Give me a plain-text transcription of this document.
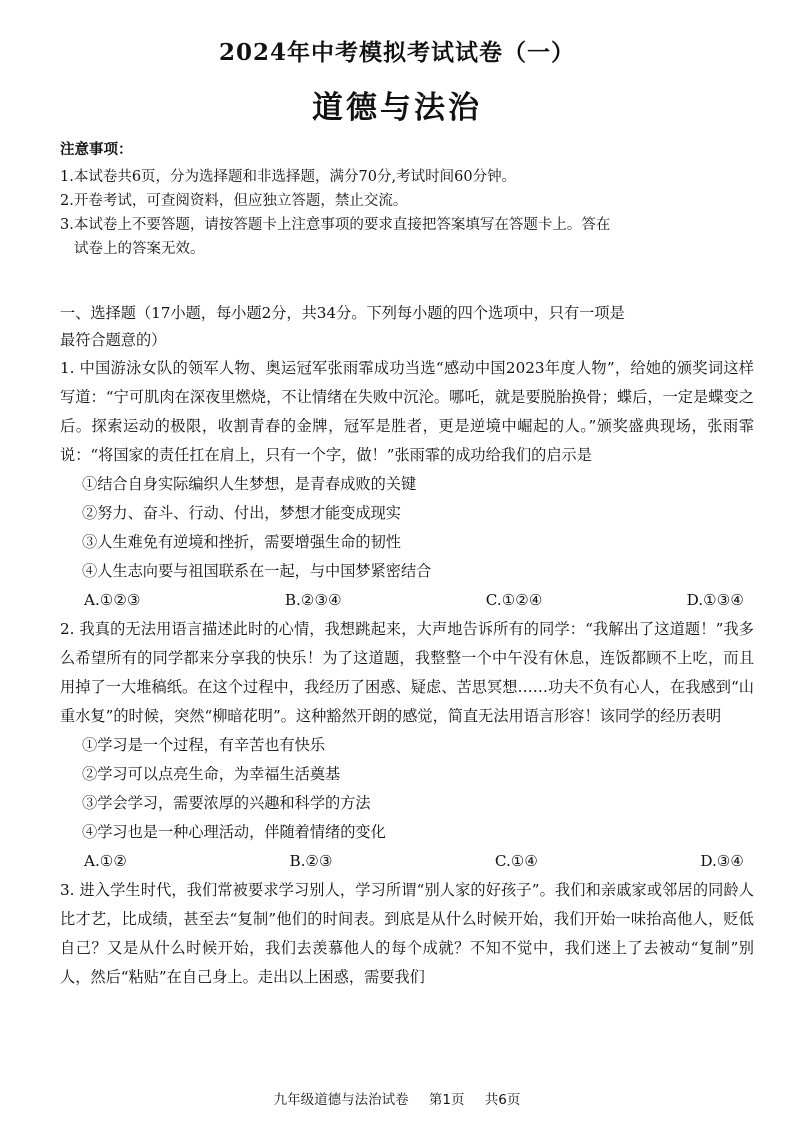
2024年中考模拟考试试卷（一）
道德与法治
注意事项：
1.本试卷共6页，分为选择题和非选择题，满分70分,考试时间60分钟。
2.开卷考试，可查阅资料，但应独立答题，禁止交流。
3.本试卷上不要答题，请按答题卡上注意事项的要求直接把答案填写在答题卡上。答在
试卷上的答案无效。
一、选择题（17小题，每小题2分，共34分。下列每小题的四个选项中，只有一项是
最符合题意的）
1. 中国游泳女队的领军人物、奥运冠军张雨霏成功当选“感动中国2023年度人物”，给她的颁奖词这样写道：“宁可肌肉在深夜里燃烧，不让情绪在失败中沉沦。哪吒，就是要脱胎换骨；蝶后，一定是蝶变之后。探索运动的极限，收割青春的金牌，冠军是胜者，更是逆境中崛起的人。”颁奖盛典现场，张雨霏说：“将国家的责任扛在肩上，只有一个字，做！”张雨霏的成功给我们的启示是
①结合自身实际编织人生梦想，是青春成败的关键
②努力、奋斗、行动、付出，梦想才能变成现实
③人生难免有逆境和挫折，需要增强生命的韧性
④人生志向要与祖国联系在一起，与中国梦紧密结合
A.①②③	B.②③④	C.①②④	D.①③④
2. 我真的无法用语言描述此时的心情，我想跳起来，大声地告诉所有的同学：“我解出了这道题！”我多么希望所有的同学都来分享我的快乐！为了这道题，我整整一个中午没有休息，连饭都顾不上吃，而且用掉了一大堆稿纸。在这个过程中，我经历了困惑、疑虑、苦思冥想……功夫不负有心人，在我感到“山重水复”的时候，突然“柳暗花明”。这种豁然开朗的感觉，简直无法用语言形容！该同学的经历表明
①学习是一个过程，有辛苦也有快乐
②学习可以点亮生命，为幸福生活奠基
③学会学习，需要浓厚的兴趣和科学的方法
④学习也是一种心理活动，伴随着情绪的变化
A.①②	B.②③	C.①④	D.③④
3. 进入学生时代，我们常被要求学习别人，学习所谓“别人家的好孩子”。我们和亲戚家或邻居的同龄人比才艺，比成绩，甚至去“复制”他们的时间表。到底是从什么时候开始，我们开始一味抬高他人，贬低自己？又是从什么时候开始，我们去羡慕他人的每个成就？不知不觉中，我们迷上了去被动“复制”别人，然后“粘贴”在自己身上。走出以上困惑，需要我们
九年级道德与法治试卷 第1页 共6页
